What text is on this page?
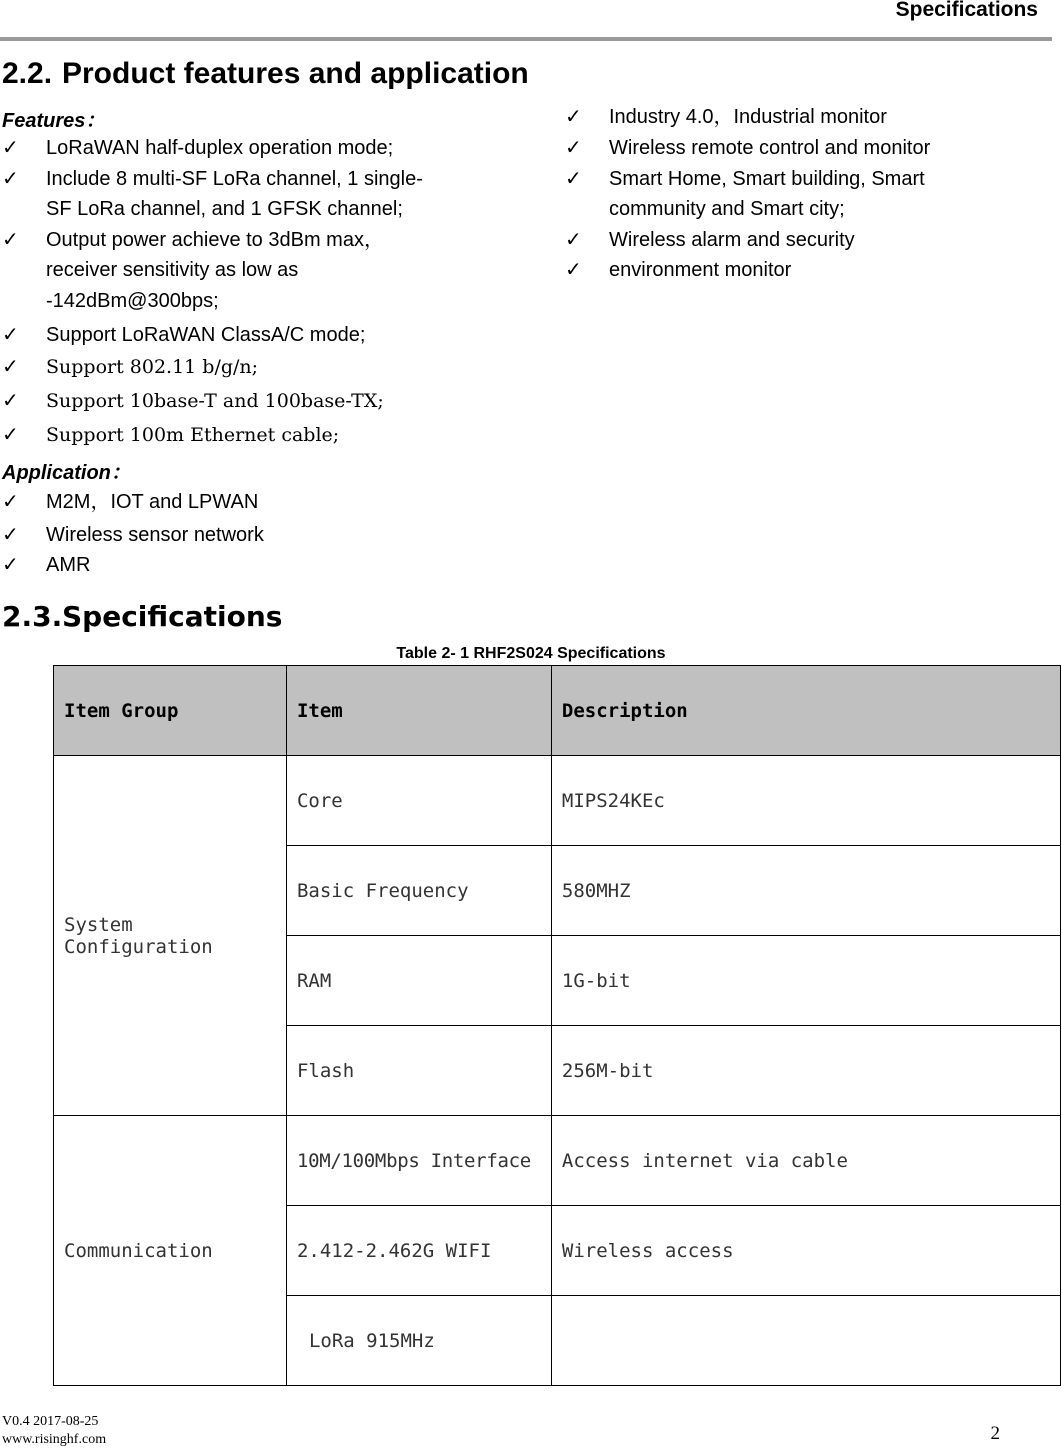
Specifications
2.2. Product features and application
Features：
✓ LoRaWAN half-duplex operation mode;
✓ Include 8 multi-SF LoRa channel, 1 single-
SF LoRa channel, and 1 GFSK channel;
✓ Output power achieve to 3dBm max，
receiver sensitivity as low as
-142dBm@300bps;
✓ Support LoRaWAN ClassA/C mode;
✓ Support 802.11 b/g/n;
✓ Support 10base-T and 100base-TX;
✓ Support 100m Ethernet cable;
Application：
✓ M2M，IOT and LPWAN
✓ Wireless sensor network
✓ AMR
✓ Industry 4.0，Industrial monitor
✓ Wireless remote control and monitor
✓ Smart Home, Smart building, Smart
community and Smart city;
✓ Wireless alarm and security
✓ environment monitor
2.3.Specifications
Table 2- 1 RHF2S024 Specifications
Item Group	Item	Description
System Configuration	Core	MIPS24KEc
	Basic Frequency	580MHZ
	RAM	1G-bit
	Flash	256M-bit
Communication	10M/100Mbps Interface	Access internet via cable
	2.412-2.462G WIFI	Wireless access
	LoRa 915MHz	
V0.4 2017-08-25
www.risinghf.com	2
